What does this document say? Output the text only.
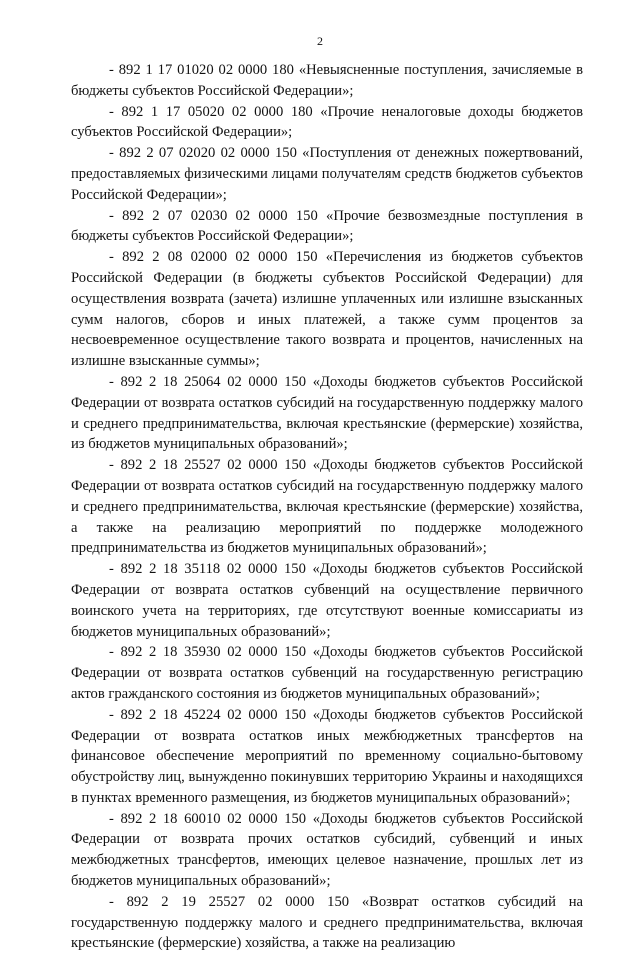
2

- 892 1 17 01020 02 0000 180 «Невыясненные поступления, зачисляемые в бюджеты субъектов Российской Федерации»;

- 892 1 17 05020 02 0000 180 «Прочие неналоговые доходы бюджетов субъектов Российской Федерации»;

- 892 2 07 02020 02 0000 150 «Поступления от денежных пожертвований, предоставляемых физическими лицами получателям средств бюджетов субъектов Российской Федерации»;

- 892 2 07 02030 02 0000 150 «Прочие безвозмездные поступления в бюджеты субъектов Российской Федерации»;

- 892 2 08 02000 02 0000 150 «Перечисления из бюджетов субъектов Российской Федерации (в бюджеты субъектов Российской Федерации) для осуществления возврата (зачета) излишне уплаченных или излишне взысканных сумм налогов, сборов и иных платежей, а также сумм процентов за несвоевременное осуществление такого возврата и процентов, начисленных на излишне взысканные суммы»;

- 892 2 18 25064 02 0000 150 «Доходы бюджетов субъектов Российской Федерации от возврата остатков субсидий на государственную поддержку малого и среднего предпринимательства, включая крестьянские (фермерские) хозяйства, из бюджетов муниципальных образований»;

- 892 2 18 25527 02 0000 150 «Доходы бюджетов субъектов Российской Федерации от возврата остатков субсидий на государственную поддержку малого и среднего предпринимательства, включая крестьянские (фермерские) хозяйства, а также на реализацию мероприятий по поддержке молодежного предпринимательства из бюджетов муниципальных образований»;

- 892 2 18 35118 02 0000 150 «Доходы бюджетов субъектов Российской Федерации от возврата остатков субвенций на осуществление первичного воинского учета на территориях, где отсутствуют военные комиссариаты из бюджетов муниципальных образований»;

- 892 2 18 35930 02 0000 150 «Доходы бюджетов субъектов Российской Федерации от возврата остатков субвенций на государственную регистрацию актов гражданского состояния из бюджетов муниципальных образований»;

- 892 2 18 45224 02 0000 150 «Доходы бюджетов субъектов Российской Федерации от возврата остатков иных межбюджетных трансфертов на финансовое обеспечение мероприятий по временному социально-бытовому обустройству лиц, вынужденно покинувших территорию Украины и находящихся в пунктах временного размещения, из бюджетов муниципальных образований»;

- 892 2 18 60010 02 0000 150 «Доходы бюджетов субъектов Российской Федерации от возврата прочих остатков субсидий, субвенций и иных межбюджетных трансфертов, имеющих целевое назначение, прошлых лет из бюджетов муниципальных образований»;

- 892 2 19 25527 02 0000 150 «Возврат остатков субсидий на государственную поддержку малого и среднего предпринимательства, включая крестьянские (фермерские) хозяйства, а также на реализацию
